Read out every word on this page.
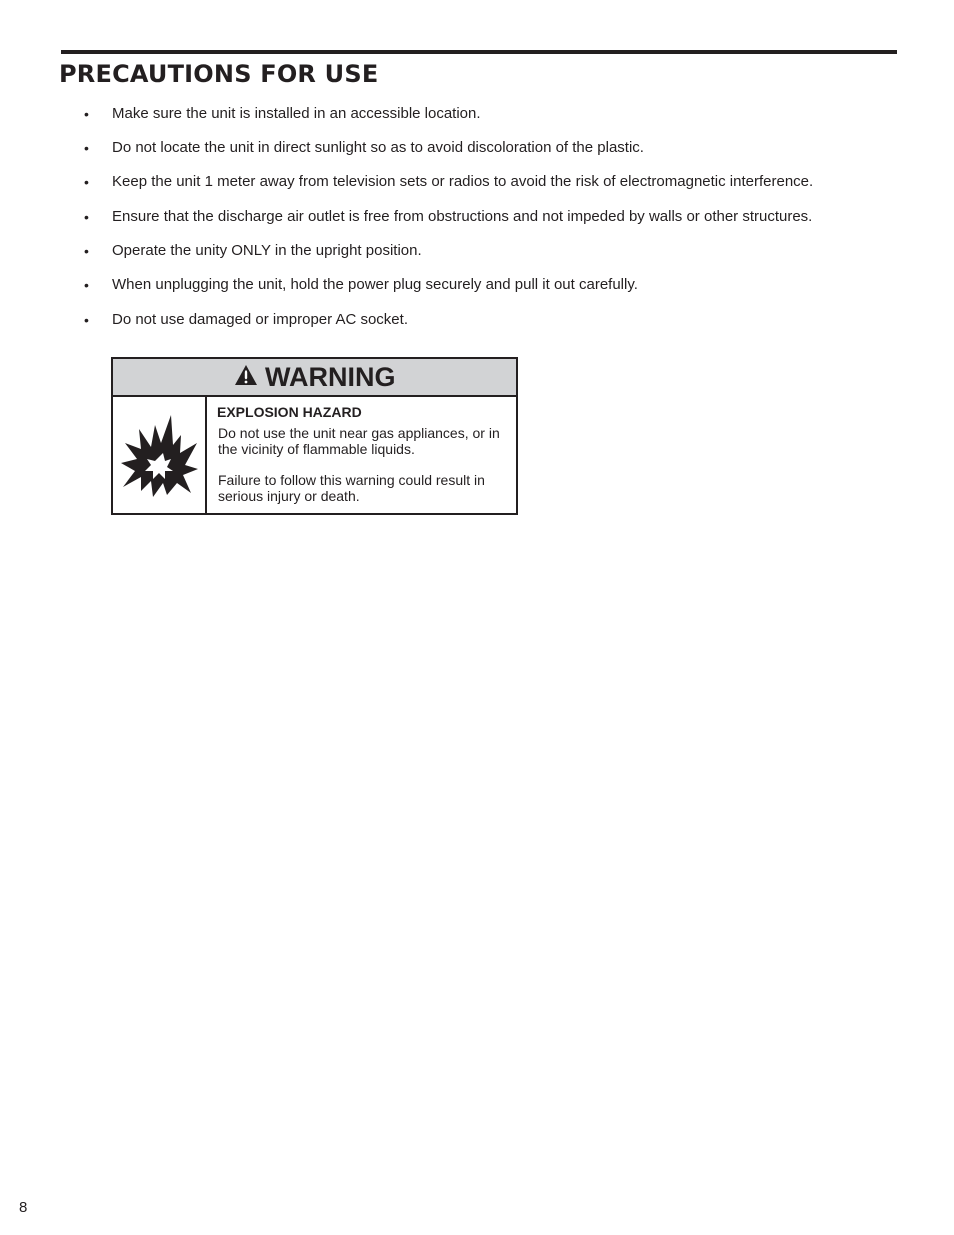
PRECAUTIONS FOR USE
•	Make sure the unit is installed in an accessible location.
•	Do not locate the unit in direct sunlight so as to avoid discoloration of the plastic.
•	Keep the unit 1 meter away from television sets or radios to avoid the risk of electromagnetic interference.
•	Ensure that the discharge air outlet is free from obstructions and not impeded by walls or other structures.
•	Operate the unity ONLY in the upright position.
•	When unplugging the unit, hold the power plug securely and pull it out carefully.
•	Do not use damaged or improper AC socket.
WARNING
EXPLOSION HAZARD

Do not use the unit near gas appliances, or in the vicinity of flammable liquids.

Failure to follow this warning could result in serious injury or death.

8
